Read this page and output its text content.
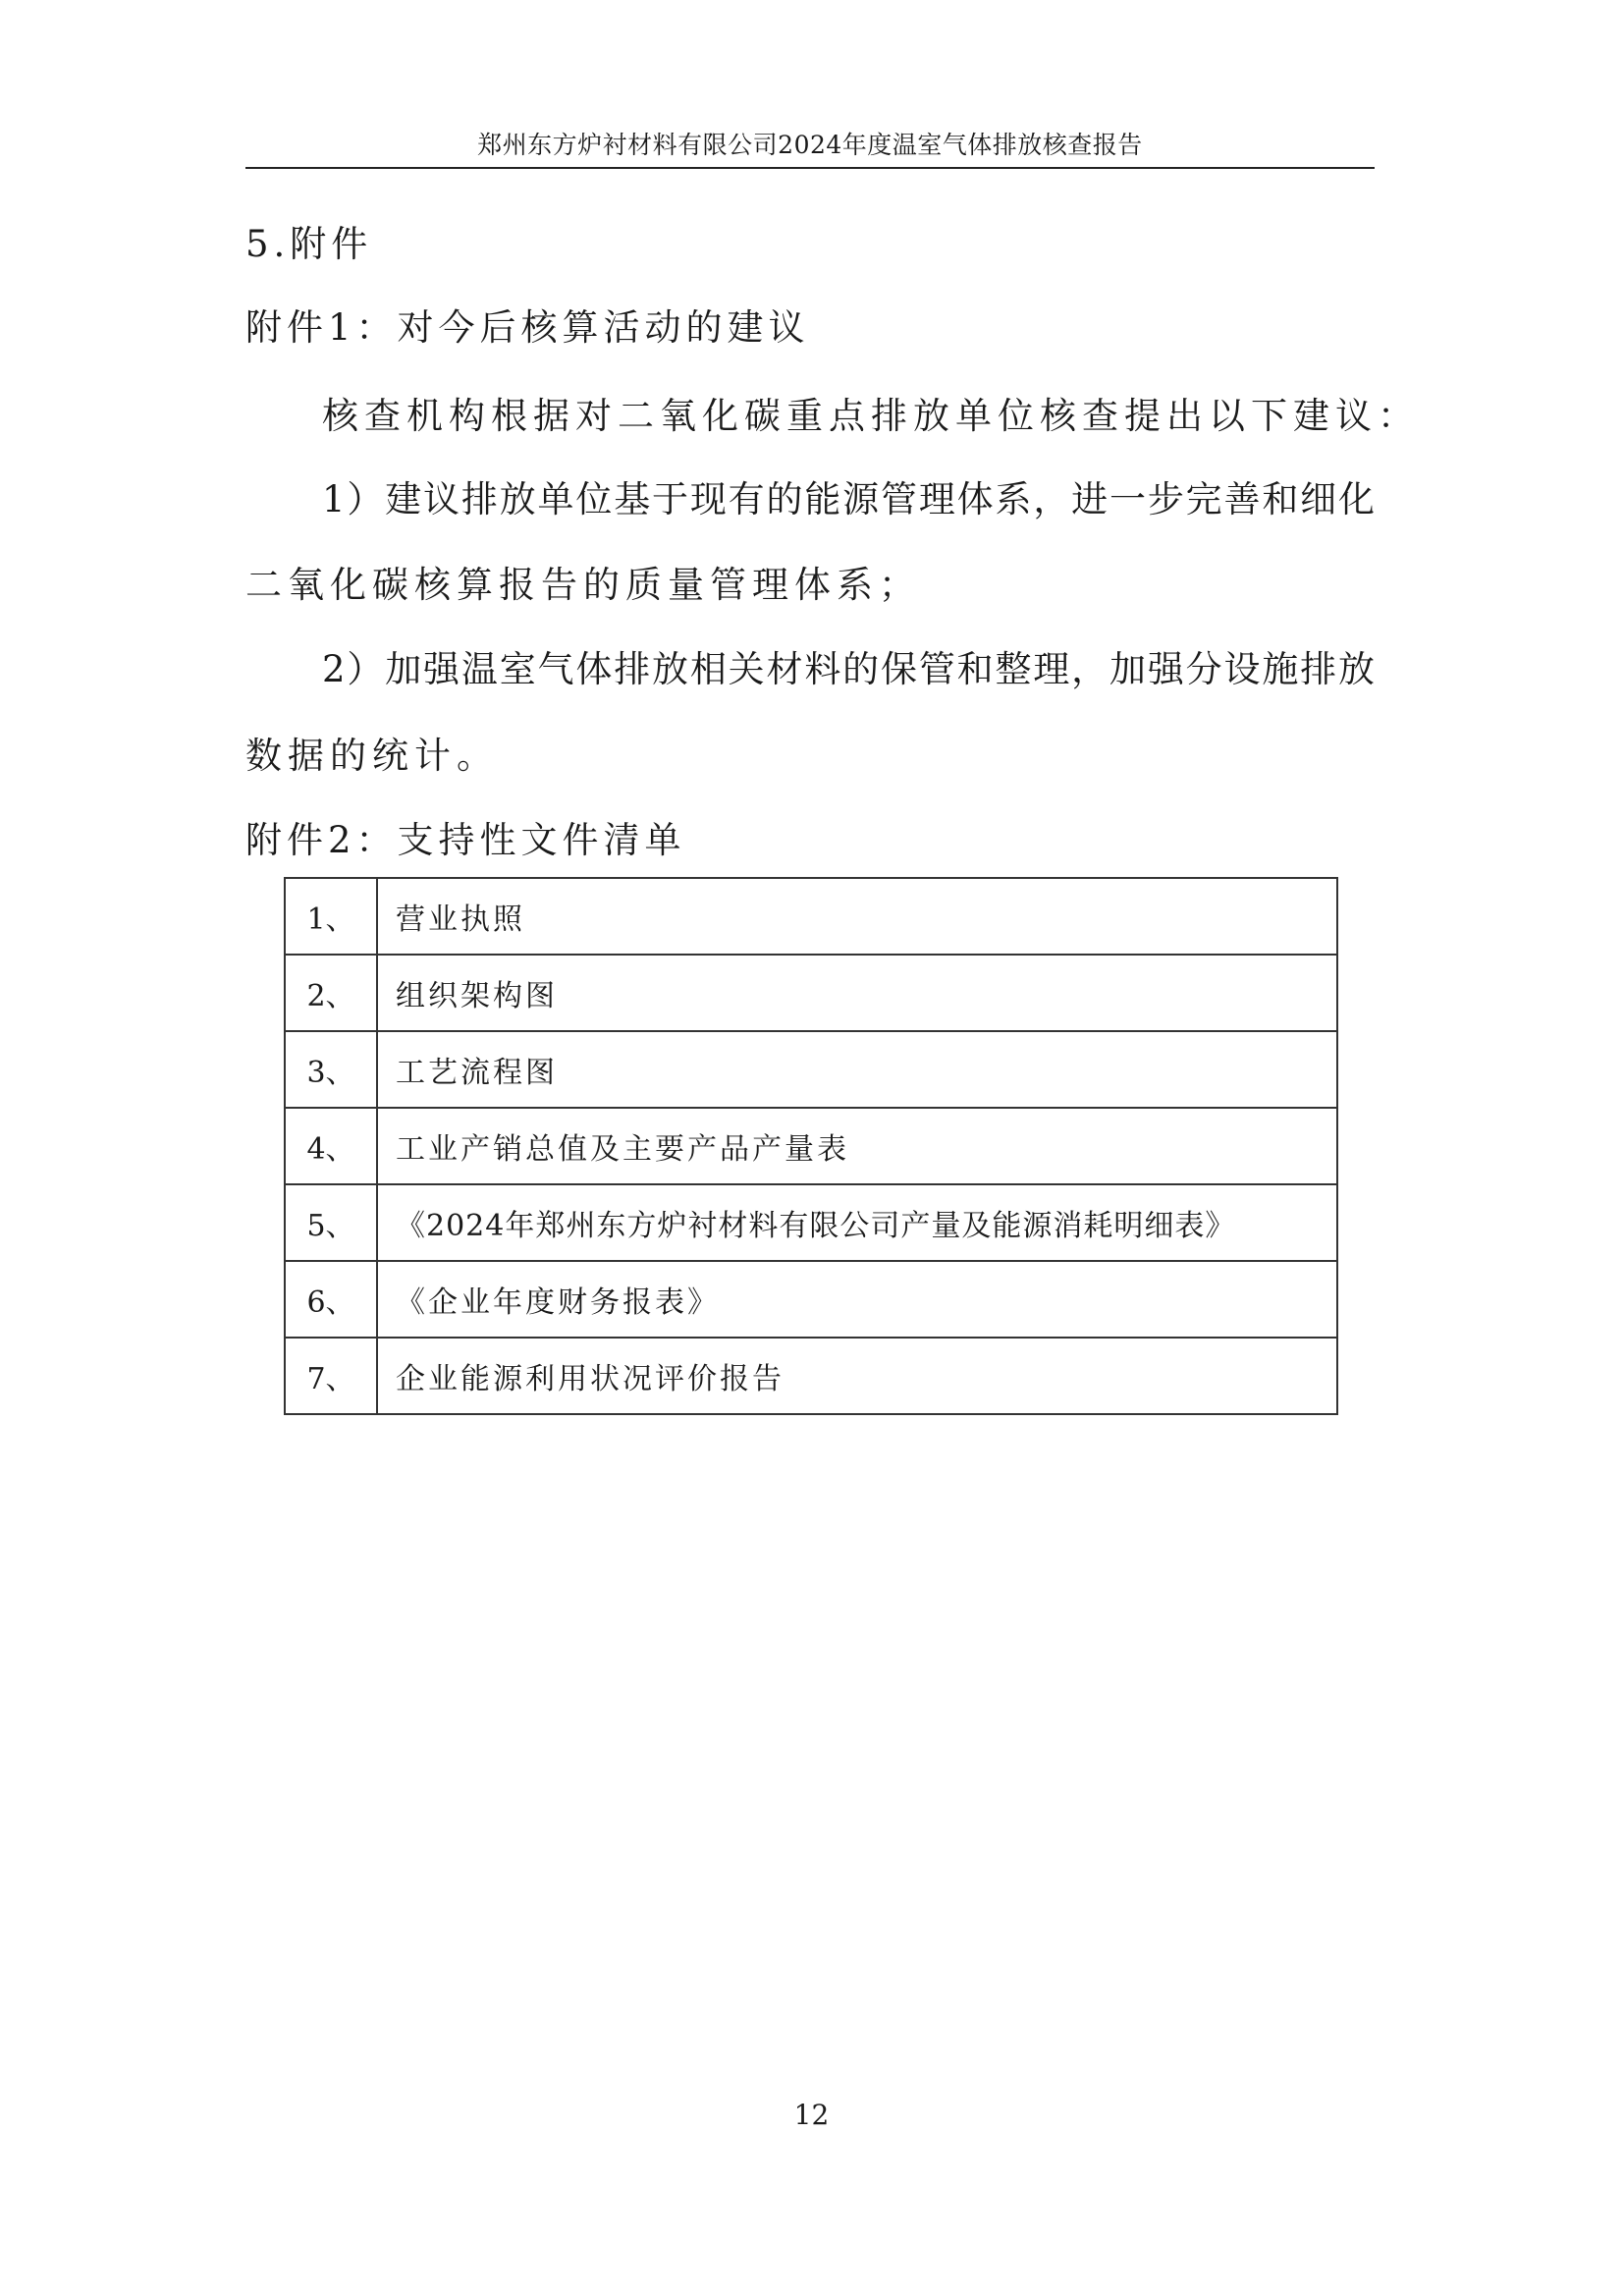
郑州东方炉衬材料有限公司2024年度温室气体排放核查报告
5.附件
附件1：对今后核算活动的建议
核查机构根据对二氧化碳重点排放单位核查提出以下建议：
1）建议排放单位基于现有的能源管理体系，进一步完善和细化
二氧化碳核算报告的质量管理体系；
2）加强温室气体排放相关材料的保管和整理，加强分设施排放
数据的统计。
附件2：支持性文件清单
1、	营业执照
2、	组织架构图
3、	工艺流程图
4、	工业产销总值及主要产品产量表
5、	《2024年郑州东方炉衬材料有限公司产量及能源消耗明细表》
6、	《企业年度财务报表》
7、	企业能源利用状况评价报告
12
